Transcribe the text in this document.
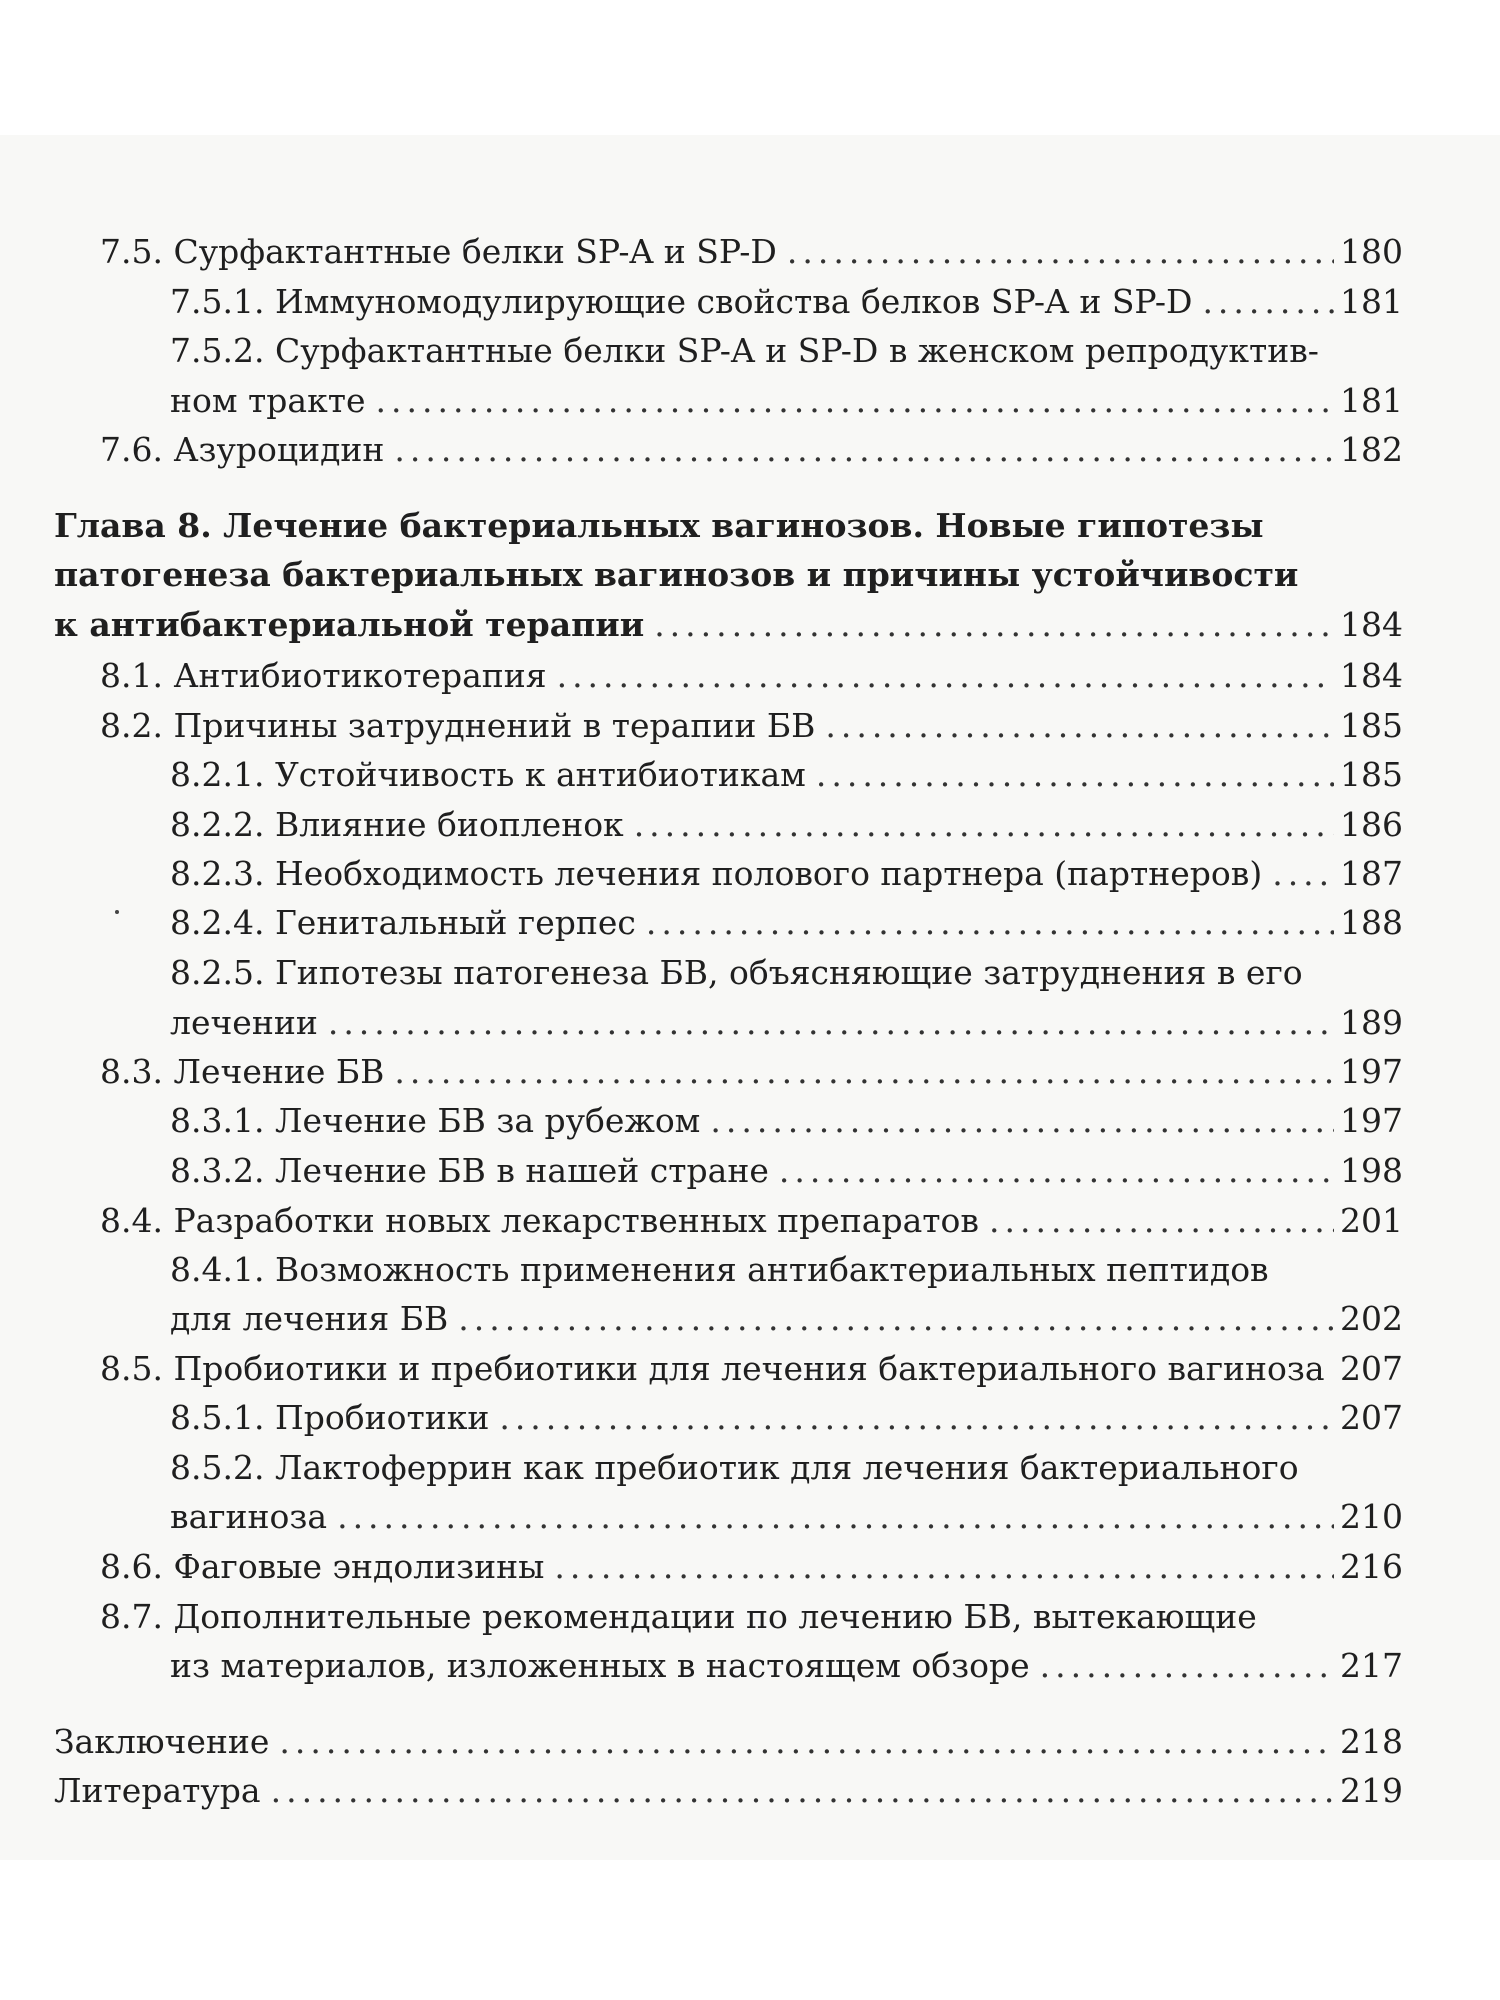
7.5. Сурфактантные белки SP-A и SP-D .....	180
7.5.1. Иммуномодулирующие свойства белков SP-A и SP-D .....	181
7.5.2. Сурфактантные белки SP-A и SP-D в женском репродуктив-
ном тракте .....	181
7.6. Азуроцидин .....	182
Глава 8. Лечение бактериальных вагинозов. Новые гипотезы
патогенеза бактериальных вагинозов и причины устойчивости
к антибактериальной терапии .....	184
8.1. Антибиотикотерапия .....	184
8.2. Причины затруднений в терапии БВ .....	185
8.2.1. Устойчивость к антибиотикам .....	185
8.2.2. Влияние биопленок .....	186
8.2.3. Необходимость лечения полового партнера (партнеров) ..... 187
8.2.4. Генитальный герпес .....	188
8.2.5. Гипотезы патогенеза БВ, объясняющие затруднения в его
лечении .....	189
8.3. Лечение БВ .....	197
8.3.1. Лечение БВ за рубежом .....	197
8.3.2. Лечение БВ в нашей стране .....	198
8.4. Разработки новых лекарственных препаратов .....	201
8.4.1. Возможность применения антибактериальных пептидов
для лечения БВ .....	202
8.5. Пробиотики и пребиотики для лечения бактериального вагиноза 207
8.5.1. Пробиотики .....	207
8.5.2. Лактоферрин как пребиотик для лечения бактериального
вагиноза .....	210
8.6. Фаговые эндолизины .....	216
8.7. Дополнительные рекомендации по лечению БВ, вытекающие
из материалов, изложенных в настоящем обзоре .....	217
Заключение .....	218
Литература .....	219
